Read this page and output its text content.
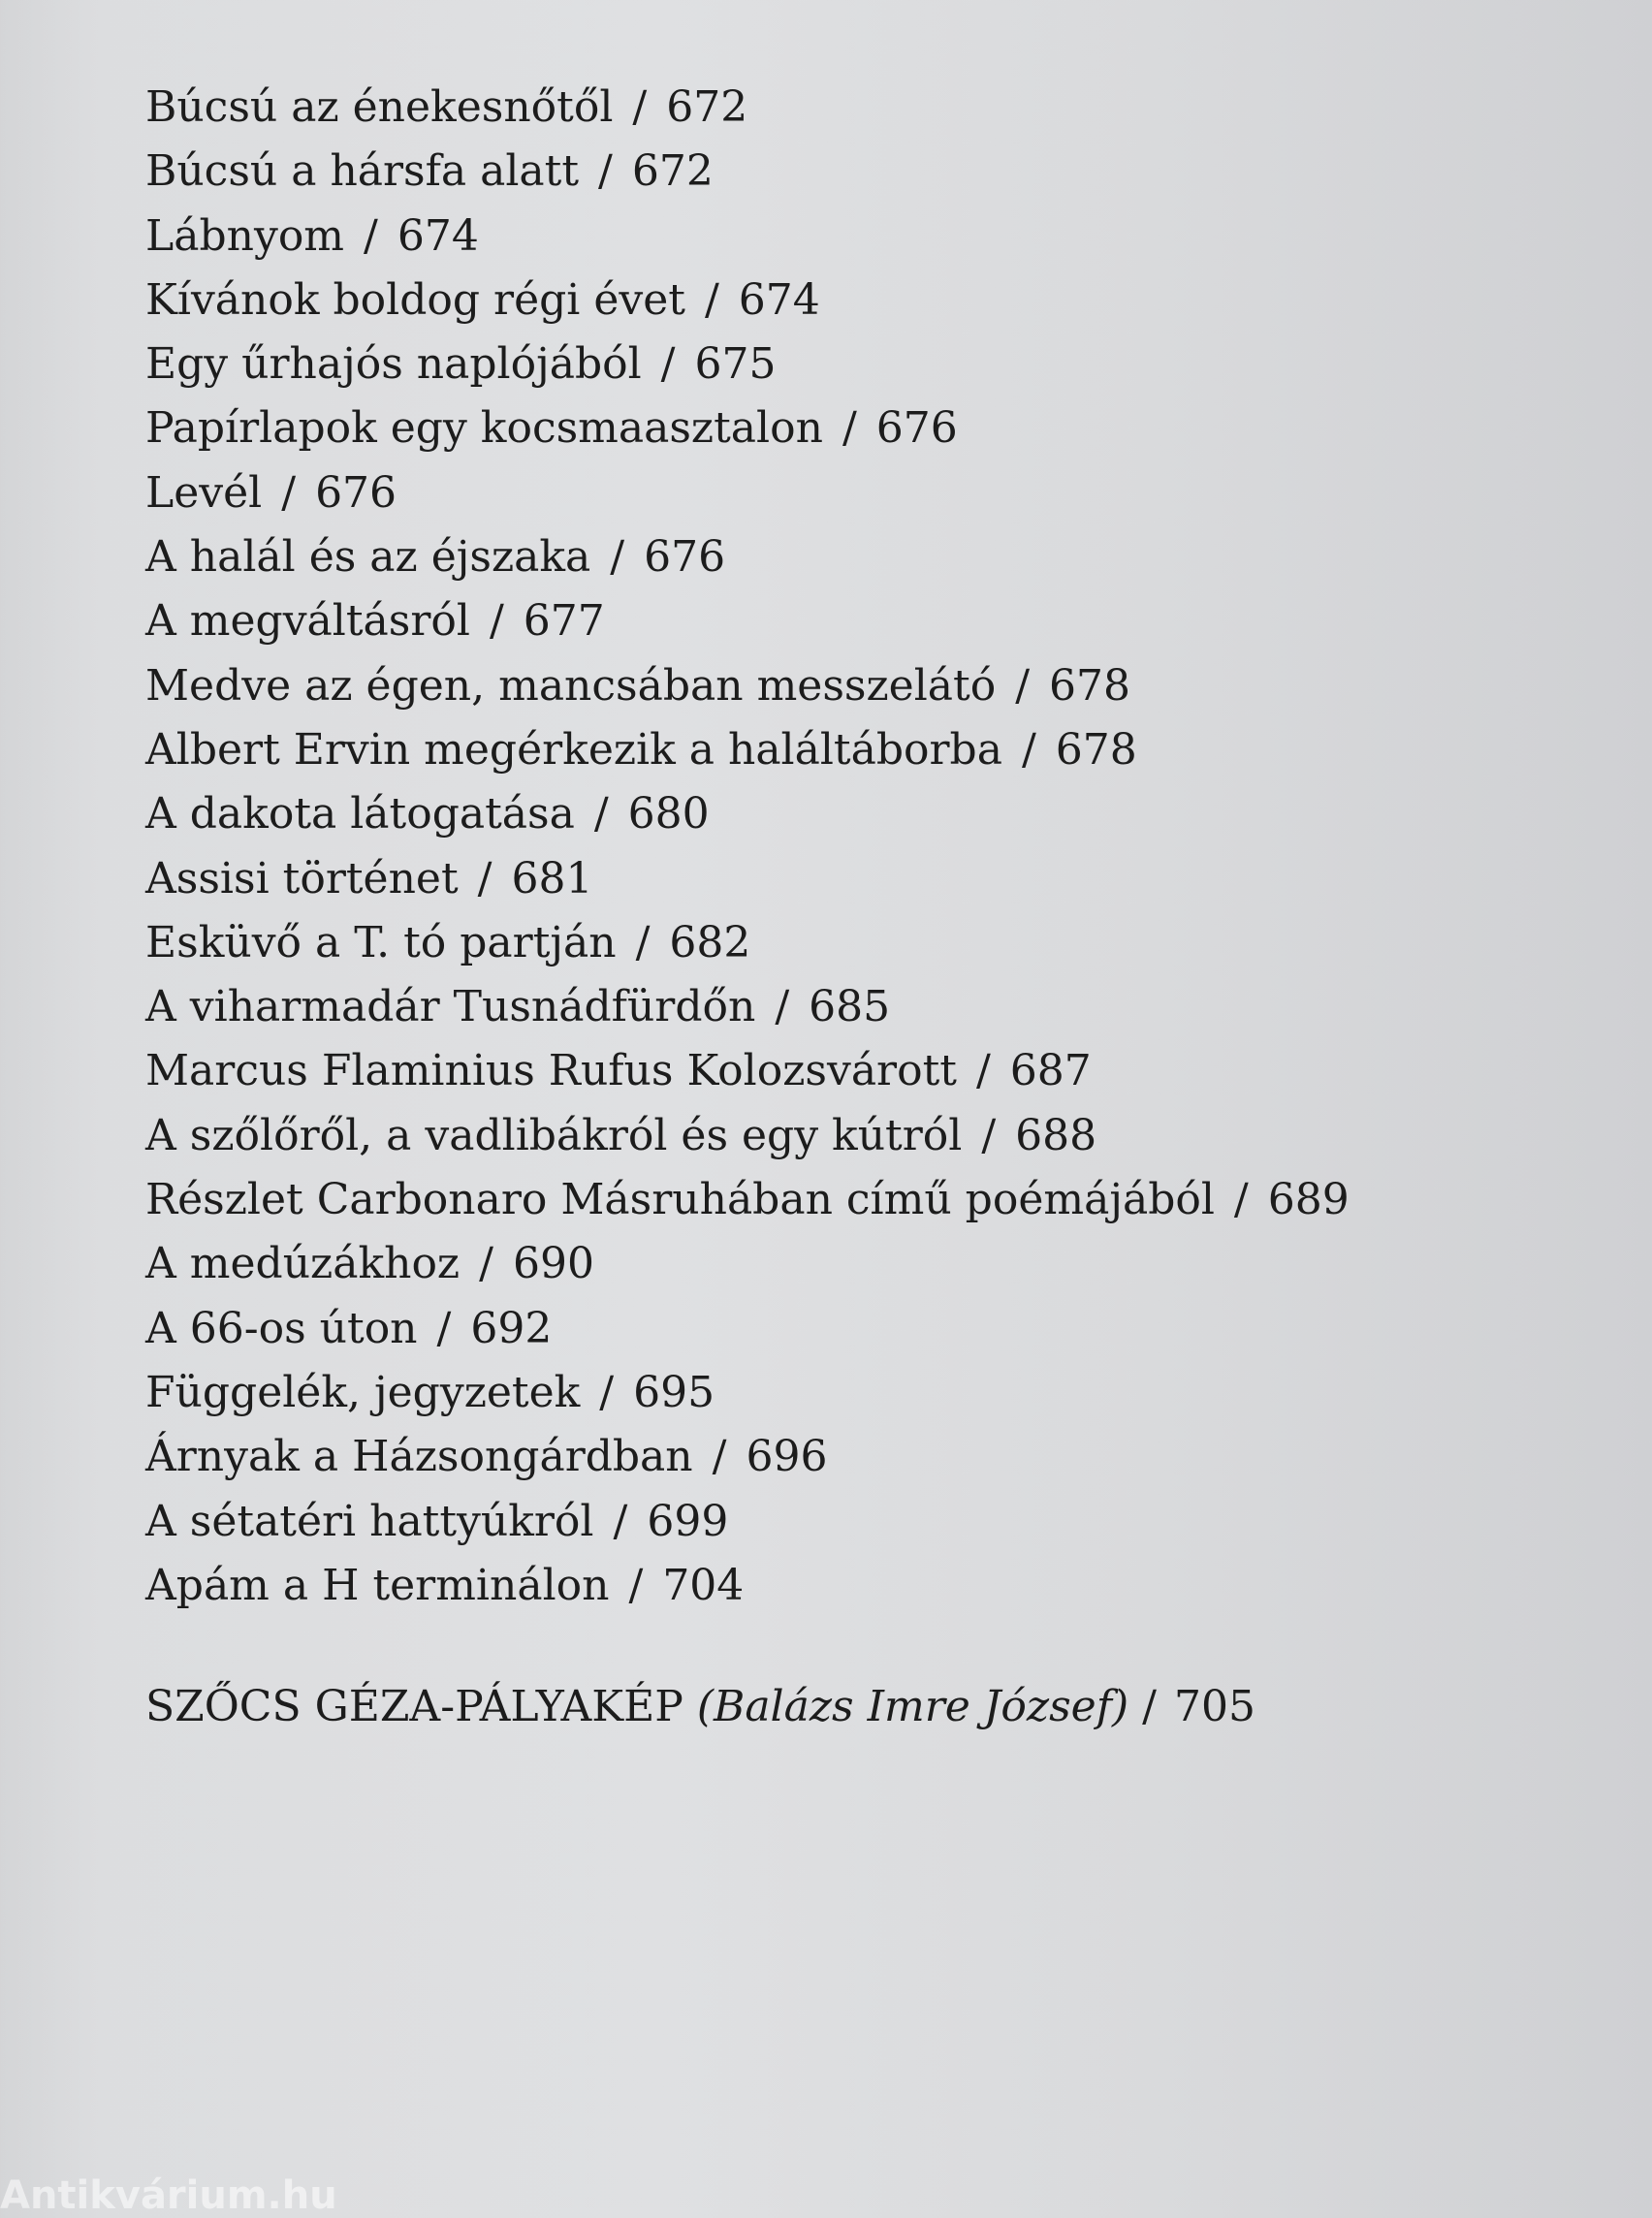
Búcsú az énekesnőtől / 672
Búcsú a hársfa alatt / 672
Lábnyom / 674
Kívánok boldog régi évet / 674
Egy űrhajós naplójából / 675
Papírlapok egy kocsmaasztalon / 676
Levél / 676
A halál és az éjszaka / 676
A megváltásról / 677
Medve az égen, mancsában messzelátó / 678
Albert Ervin megérkezik a haláltáborba / 678
A dakota látogatása / 680
Assisi történet / 681
Esküvő a T. tó partján / 682
A viharmadár Tusnádfürdőn / 685
Marcus Flaminius Rufus Kolozsvárott / 687
A szőlőről, a vadlibákról és egy kútról / 688
Részlet Carbonaro Másruhában című poémájából / 689
A medúzákhoz / 690
A 66-os úton / 692
Függelék, jegyzetek / 695
Árnyak a Házsongárdban / 696
A sétatéri hattyúkról / 699
Apám a H terminálon / 704
SZŐCS GÉZA-PÁLYAKÉP (Balázs Imre József) / 705
Antikvárium.hu
